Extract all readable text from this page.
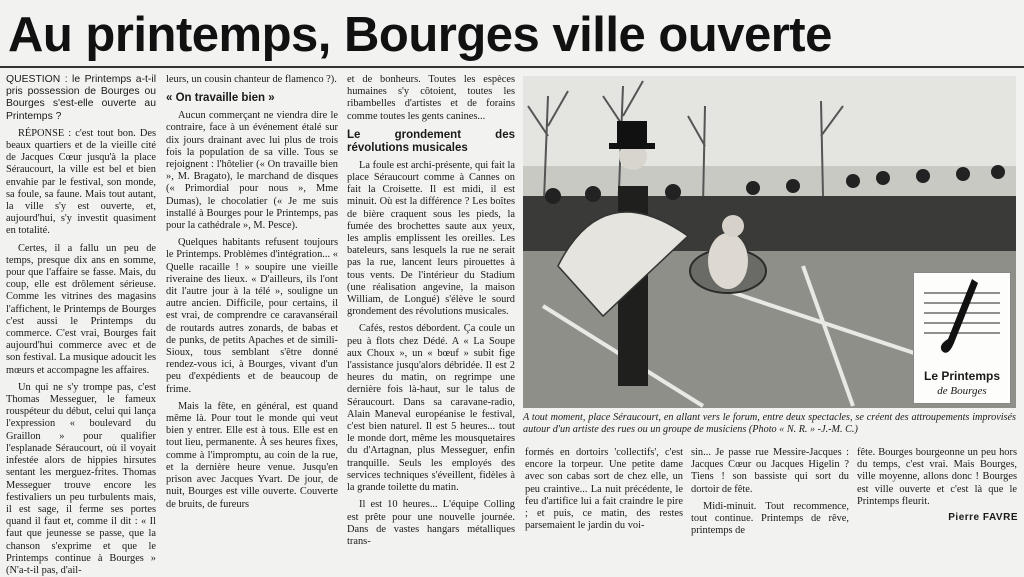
Au printemps, Bourges ville ouverte

QUESTION : le Printemps a-t-il pris possession de Bourges ou Bourges s'est-elle ouverte au Printemps ?

RÉPONSE : c'est tout bon. Des beaux quartiers et de la vieille cité de Jacques Cœur jusqu'à la place Séraucourt, la ville est bel et bien envahie par le festival, son monde, sa foule, sa faune. Mais tout autant, la ville s'y est ouverte, et, aujourd'hui, s'y investit quasiment en totalité.

Certes, il a fallu un peu de temps, presque dix ans en somme, pour que l'affaire se fasse. Mais, du coup, elle est drôlement sérieuse. Comme les vitrines des magasins l'affichent, le Printemps de Bourges c'est aussi le Printemps du commerce. C'est vrai, Bourges fait aujourd'hui commerce avec et de son festival. La musique adoucit les mœurs et accompagne les affaires.

Un qui ne s'y trompe pas, c'est Thomas Messeguer, le fameux rouspéteur du début, celui qui lança l'expression « boulevard du Graillon » pour qualifier l'esplanade Séraucourt, où il voyait infestée alors de hippies hirsutes sentant les merguez-frites. Thomas Messeguer trouve encore les festivaliers un peu turbulents mais, il est sage, il ferme ses portes quand il faut et, comme il dit : « Il faut que jeunesse se passe, que la chanson s'exprime et que le Printemps continue à Bourges » (N'a-t-il pas, d'ail-

leurs, un cousin chanteur de flamenco ?).

« On travaille bien »

Aucun commerçant ne viendra dire le contraire, face à un événement étalé sur dix jours drainant avec lui plus de trois fois la population de sa ville. Tous se rejoignent : l'hôtelier (« On travaille bien », M. Bragato), le marchand de disques (« Primordial pour nous », Mme Dumas), le chocolatier (« Je me suis installé à Bourges pour le Printemps, pas pour la cathédrale », M. Pesce).

Quelques habitants refusent toujours le Printemps. Problèmes d'intégration... « Quelle racaille ! » soupire une vieille riveraine des lieux. « D'ailleurs, ils l'ont dit l'autre jour à la télé », souligne un autre ancien. Difficile, pour certains, il est vrai, de comprendre ce caravansérail de routards autres zonards, de babas et de punks, de petits Apaches et de simili-Sioux, tous semblant s'être donné rendez-vous ici, à Bourges, vivant d'un peu d'expédients et de beaucoup de frime.

Mais la fête, en général, est quand même là. Pour tout le monde qui veut bien y entrer. Elle est à tous. Elle est en tout lieu, permanente. À ses heures fixes, comme à l'impromptu, au coin de la rue, et la dernière heure venue. Jusqu'en prison avec Jacques Yvart. De jour, de nuit, Bourges est ville ouverte. Couverte de bruits, de fureurs

et de bonheurs. Toutes les espèces humaines s'y côtoient, toutes les ribambelles d'artistes et de forains comme toutes les gents canines...

Le grondement des révolutions musicales

La foule est archi-présente, qui fait la place Séraucourt comme à Cannes on fait la Croisette. Il est midi, il est minuit. Où est la différence ? Les boîtes de bière craquent sous les pieds, la fumée des brochettes saute aux yeux, les amplis emplissent les oreilles. Les bateleurs, sans lesquels la rue ne serait pas la rue, lancent leurs pirouettes à tous vents. De l'intérieur du Stadium (une réalisation angevine, la maison William, de Longué) s'élève le sourd grondement des révolutions musicales.

Cafés, restos débordent. Ça coule un peu à flots chez Dédé. A « La Soupe aux Choux », un « bœuf » subit fige l'assistance jusqu'alors débridée. Il est 2 heures du matin, on regrimpe une dernière fois là-haut, sur le talus de Séraucourt. Dans sa caravane-radio, Alain Maneval européanise le festival, c'est bien naturel. Il est 5 heures... tout le monde dort, même les mousquetaires du d'Artagnan, plus Messeguer, enfin tranquille. Seuls les employés des services techniques s'éveillent, fidèles à la grande toilette du matin.

Il est 10 heures... L'équipe Colling est prête pour une nouvelle journée. Dans de vastes hangars métalliques trans-

Le Printemps
de Bourges
A tout moment, place Séraucourt, en allant vers le forum, entre deux spectacles, se créent des attroupements improvisés autour d'un artiste des rues ou un groupe de musiciens (Photo « N. R. » -J.-M. C.)

formés en dortoirs 'collectifs', c'est encore la torpeur. Une petite dame avec son cabas sort de chez elle, un peu craintive... La nuit précédente, le feu d'artifice lui a fait craindre le pire ; et puis, ce matin, des restes parsemaient le jardin du voi-

sin... Je passe rue Messire-Jacques : Jacques Cœur ou Jacques Higelin ? Tiens ! son bassiste qui sort du dortoir de fête.

Midi-minuit. Tout recommence, tout continue. Printemps de rêve, printemps de

fête. Bourges bourgeonne un peu hors du temps, c'est vrai. Mais Bourges, ville moyenne, allons donc ! Bourges est ville ouverte et c'est là que le Printemps fleurit.

Pierre FAVRE
